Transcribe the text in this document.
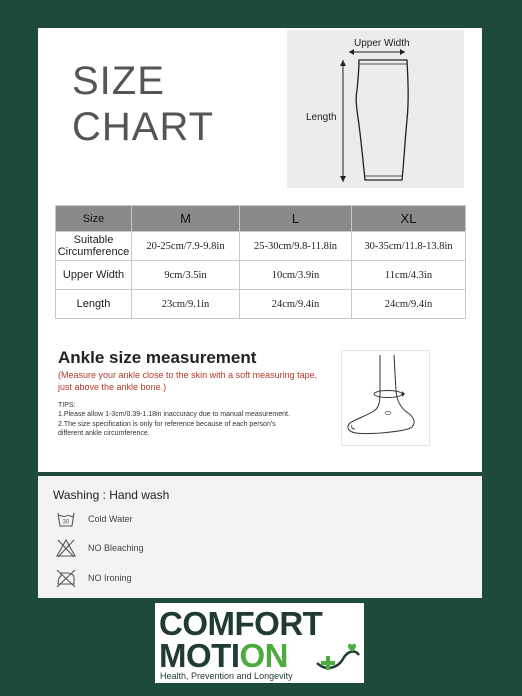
SIZE
CHART
Upper Width
Length
Size	M	L	XL

Suitable
Circumference	20-25cm/7.9-9.8in	25-30cm/9.8-11.8in	30-35cm/11.8-13.8in
Upper Width	9cm/3.5in	10cm/3.9in	11cm/4.3in
Length	23cm/9.1in	24cm/9.4in	24cm/9.4in
Ankle size measurement
(Measure your ankle close to the skin with a soft measuring tape,
just above the ankle bone.)
TIPS:
1.Please allow 1-3cm/0.39-1.18in inaccuracy due to manual measurement.
2.The size specification is only for reference because of each person's
different ankle circumference.
Washing : Hand wash
30 Cold Water
NO Bleaching
NO Ironing
COMFORT
MOTION
Health, Prevention and Longevity
